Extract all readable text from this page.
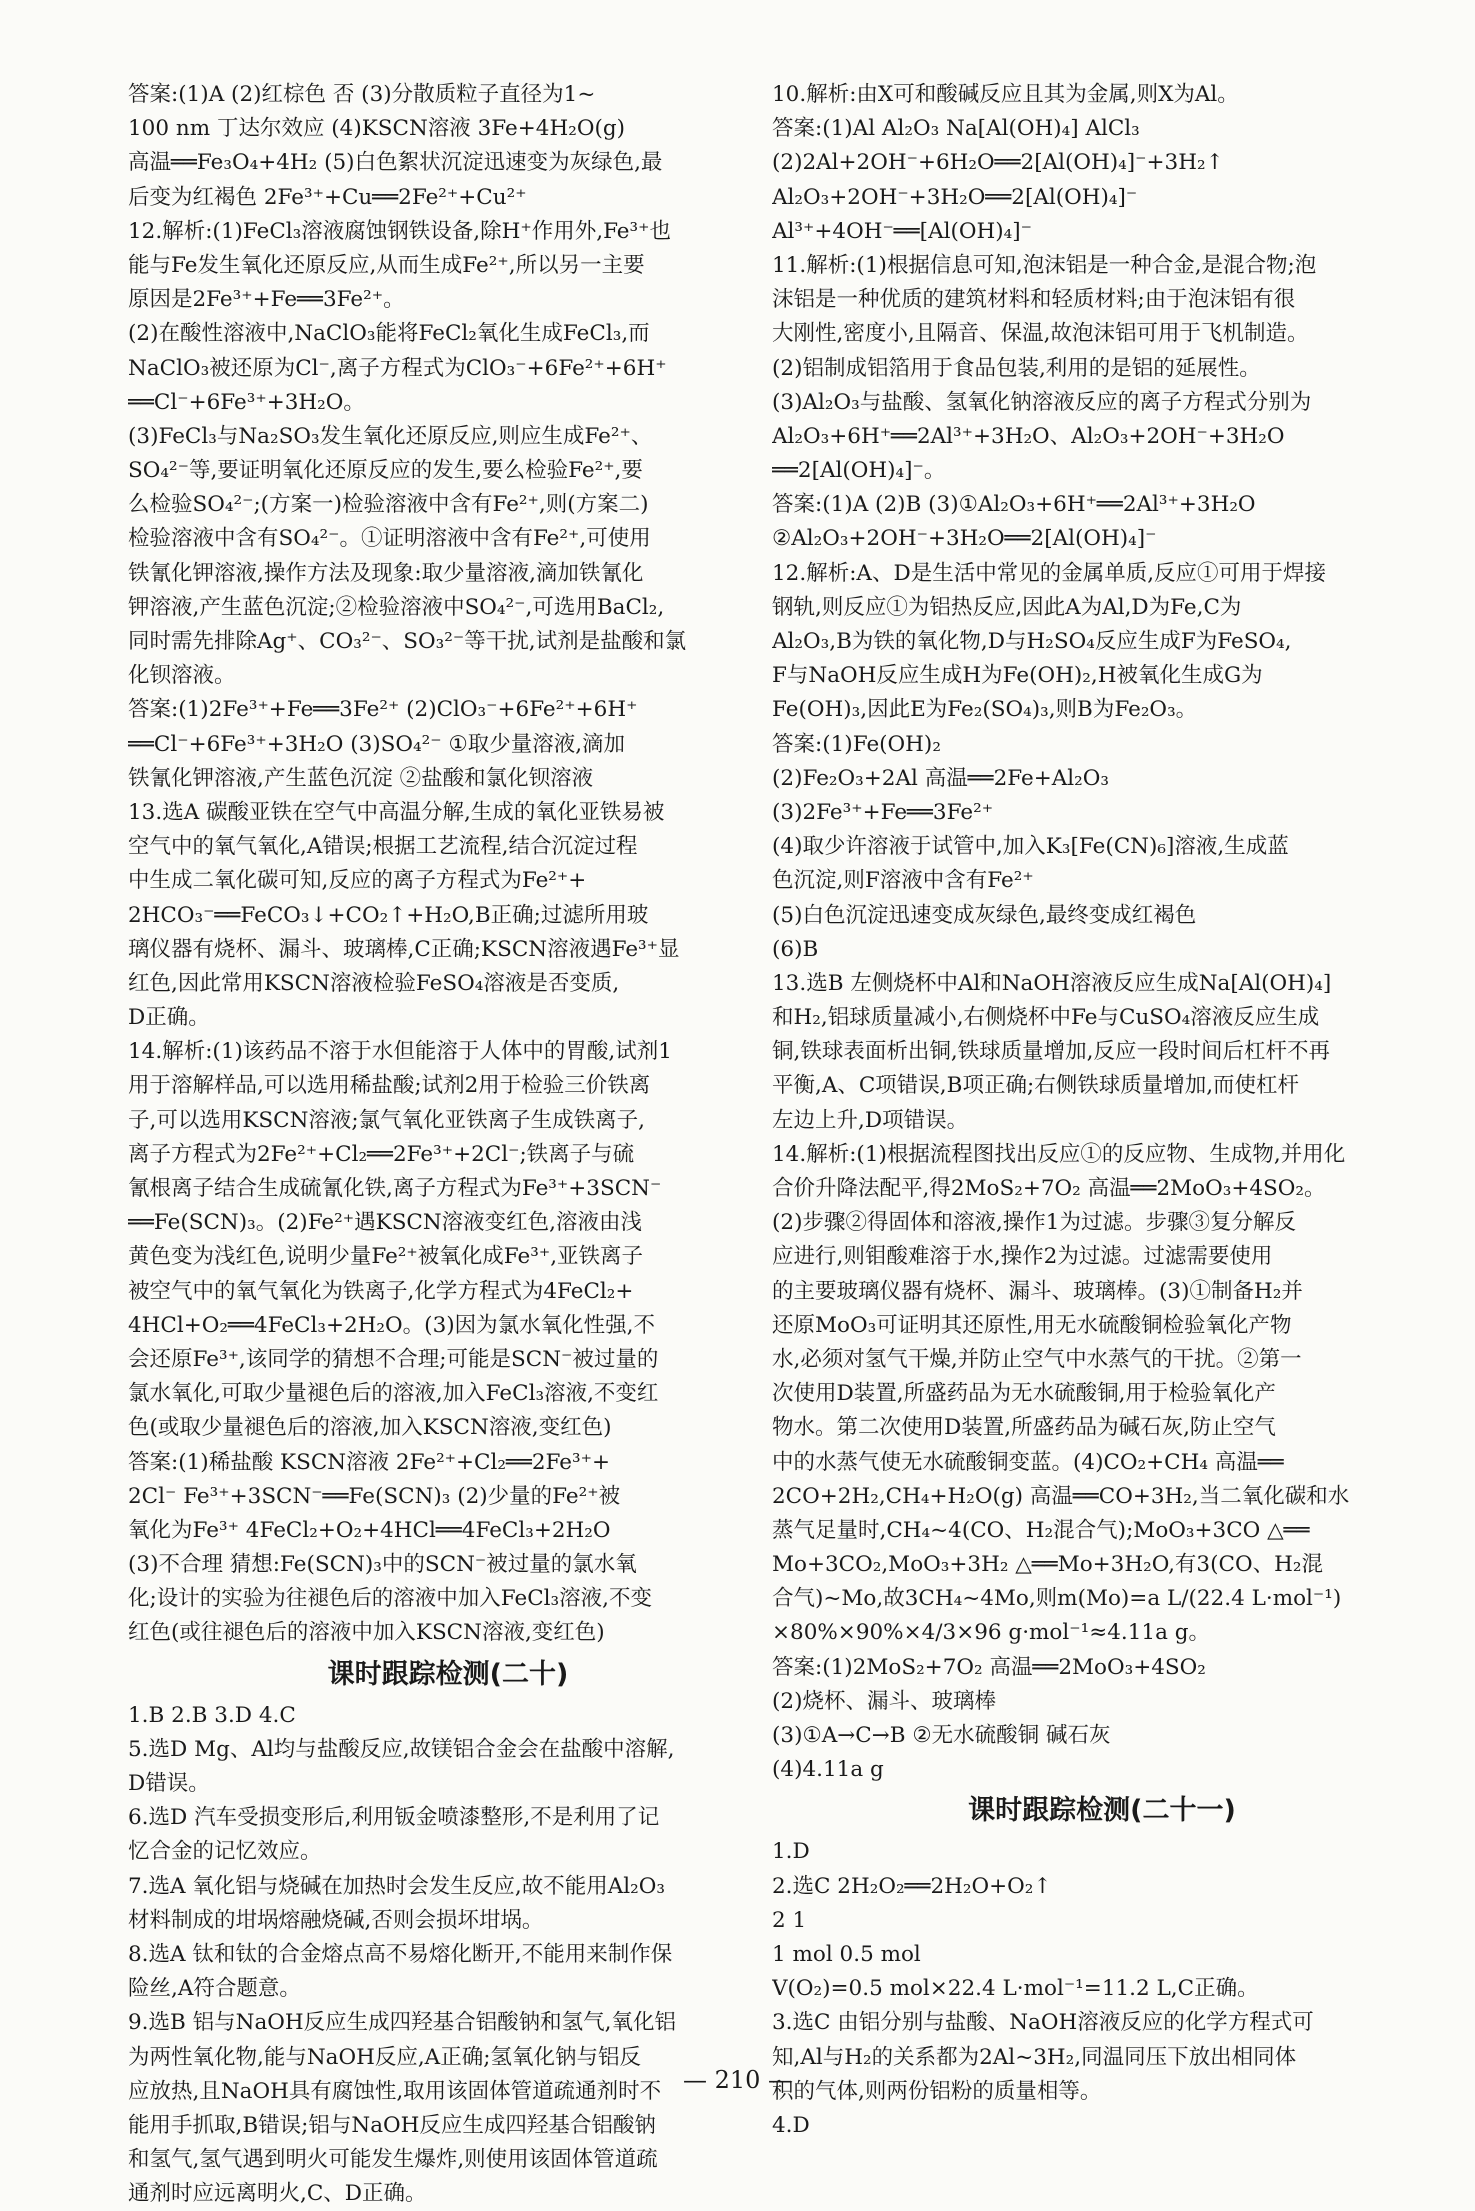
答案:(1)A (2)红棕色 否 (3)分散质粒子直径为1~
100 nm 丁达尔效应 (4)KSCN溶液 3Fe+4H₂O(g)
高温══Fe₃O₄+4H₂ (5)白色絮状沉淀迅速变为灰绿色,最
后变为红褐色 2Fe³⁺+Cu══2Fe²⁺+Cu²⁺
12.解析:(1)FeCl₃溶液腐蚀钢铁设备,除H⁺作用外,Fe³⁺也
能与Fe发生氧化还原反应,从而生成Fe²⁺,所以另一主要
原因是2Fe³⁺+Fe══3Fe²⁺。
(2)在酸性溶液中,NaClO₃能将FeCl₂氧化生成FeCl₃,而
NaClO₃被还原为Cl⁻,离子方程式为ClO₃⁻+6Fe²⁺+6H⁺
══Cl⁻+6Fe³⁺+3H₂O。
(3)FeCl₃与Na₂SO₃发生氧化还原反应,则应生成Fe²⁺、
SO₄²⁻等,要证明氧化还原反应的发生,要么检验Fe²⁺,要
么检验SO₄²⁻;(方案一)检验溶液中含有Fe²⁺,则(方案二)
检验溶液中含有SO₄²⁻。①证明溶液中含有Fe²⁺,可使用
铁氰化钾溶液,操作方法及现象:取少量溶液,滴加铁氰化
钾溶液,产生蓝色沉淀;②检验溶液中SO₄²⁻,可选用BaCl₂,
同时需先排除Ag⁺、CO₃²⁻、SO₃²⁻等干扰,试剂是盐酸和氯
化钡溶液。
答案:(1)2Fe³⁺+Fe══3Fe²⁺ (2)ClO₃⁻+6Fe²⁺+6H⁺
══Cl⁻+6Fe³⁺+3H₂O (3)SO₄²⁻ ①取少量溶液,滴加
铁氰化钾溶液,产生蓝色沉淀 ②盐酸和氯化钡溶液
13.选A 碳酸亚铁在空气中高温分解,生成的氧化亚铁易被
空气中的氧气氧化,A错误;根据工艺流程,结合沉淀过程
中生成二氧化碳可知,反应的离子方程式为Fe²⁺+
2HCO₃⁻══FeCO₃↓+CO₂↑+H₂O,B正确;过滤所用玻
璃仪器有烧杯、漏斗、玻璃棒,C正确;KSCN溶液遇Fe³⁺显
红色,因此常用KSCN溶液检验FeSO₄溶液是否变质,
D正确。
14.解析:(1)该药品不溶于水但能溶于人体中的胃酸,试剂1
用于溶解样品,可以选用稀盐酸;试剂2用于检验三价铁离
子,可以选用KSCN溶液;氯气氧化亚铁离子生成铁离子,
离子方程式为2Fe²⁺+Cl₂══2Fe³⁺+2Cl⁻;铁离子与硫
氰根离子结合生成硫氰化铁,离子方程式为Fe³⁺+3SCN⁻
══Fe(SCN)₃。(2)Fe²⁺遇KSCN溶液变红色,溶液由浅
黄色变为浅红色,说明少量Fe²⁺被氧化成Fe³⁺,亚铁离子
被空气中的氧气氧化为铁离子,化学方程式为4FeCl₂+
4HCl+O₂══4FeCl₃+2H₂O。(3)因为氯水氧化性强,不
会还原Fe³⁺,该同学的猜想不合理;可能是SCN⁻被过量的
氯水氧化,可取少量褪色后的溶液,加入FeCl₃溶液,不变红
色(或取少量褪色后的溶液,加入KSCN溶液,变红色)
答案:(1)稀盐酸 KSCN溶液 2Fe²⁺+Cl₂══2Fe³⁺+
2Cl⁻ Fe³⁺+3SCN⁻══Fe(SCN)₃ (2)少量的Fe²⁺被
氧化为Fe³⁺ 4FeCl₂+O₂+4HCl══4FeCl₃+2H₂O
(3)不合理 猜想:Fe(SCN)₃中的SCN⁻被过量的氯水氧
化;设计的实验为往褪色后的溶液中加入FeCl₃溶液,不变
红色(或往褪色后的溶液中加入KSCN溶液,变红色)
课时跟踪检测(二十)
1.B 2.B 3.D 4.C
5.选D Mg、Al均与盐酸反应,故镁铝合金会在盐酸中溶解,
D错误。
6.选D 汽车受损变形后,利用钣金喷漆整形,不是利用了记
忆合金的记忆效应。
7.选A 氧化铝与烧碱在加热时会发生反应,故不能用Al₂O₃
材料制成的坩埚熔融烧碱,否则会损坏坩埚。
8.选A 钛和钛的合金熔点高不易熔化断开,不能用来制作保
险丝,A符合题意。
9.选B 铝与NaOH反应生成四羟基合铝酸钠和氢气,氧化铝
为两性氧化物,能与NaOH反应,A正确;氢氧化钠与铝反
应放热,且NaOH具有腐蚀性,取用该固体管道疏通剂时不
能用手抓取,B错误;铝与NaOH反应生成四羟基合铝酸钠
和氢气,氢气遇到明火可能发生爆炸,则使用该固体管道疏
通剂时应远离明火,C、D正确。
10.解析:由X可和酸碱反应且其为金属,则X为Al。
答案:(1)Al Al₂O₃ Na[Al(OH)₄] AlCl₃
(2)2Al+2OH⁻+6H₂O══2[Al(OH)₄]⁻+3H₂↑
Al₂O₃+2OH⁻+3H₂O══2[Al(OH)₄]⁻
Al³⁺+4OH⁻══[Al(OH)₄]⁻
11.解析:(1)根据信息可知,泡沫铝是一种合金,是混合物;泡
沫铝是一种优质的建筑材料和轻质材料;由于泡沫铝有很
大刚性,密度小,且隔音、保温,故泡沫铝可用于飞机制造。
(2)铝制成铝箔用于食品包装,利用的是铝的延展性。
(3)Al₂O₃与盐酸、氢氧化钠溶液反应的离子方程式分别为
Al₂O₃+6H⁺══2Al³⁺+3H₂O、Al₂O₃+2OH⁻+3H₂O
══2[Al(OH)₄]⁻。
答案:(1)A (2)B (3)①Al₂O₃+6H⁺══2Al³⁺+3H₂O
②Al₂O₃+2OH⁻+3H₂O══2[Al(OH)₄]⁻
12.解析:A、D是生活中常见的金属单质,反应①可用于焊接
钢轨,则反应①为铝热反应,因此A为Al,D为Fe,C为
Al₂O₃,B为铁的氧化物,D与H₂SO₄反应生成F为FeSO₄,
F与NaOH反应生成H为Fe(OH)₂,H被氧化生成G为
Fe(OH)₃,因此E为Fe₂(SO₄)₃,则B为Fe₂O₃。
答案:(1)Fe(OH)₂
(2)Fe₂O₃+2Al 高温══2Fe+Al₂O₃
(3)2Fe³⁺+Fe══3Fe²⁺
(4)取少许溶液于试管中,加入K₃[Fe(CN)₆]溶液,生成蓝
色沉淀,则F溶液中含有Fe²⁺
(5)白色沉淀迅速变成灰绿色,最终变成红褐色
(6)B
13.选B 左侧烧杯中Al和NaOH溶液反应生成Na[Al(OH)₄]
和H₂,铝球质量减小,右侧烧杯中Fe与CuSO₄溶液反应生成
铜,铁球表面析出铜,铁球质量增加,反应一段时间后杠杆不再
平衡,A、C项错误,B项正确;右侧铁球质量增加,而使杠杆
左边上升,D项错误。
14.解析:(1)根据流程图找出反应①的反应物、生成物,并用化
合价升降法配平,得2MoS₂+7O₂ 高温══2MoO₃+4SO₂。
(2)步骤②得固体和溶液,操作1为过滤。步骤③复分解反
应进行,则钼酸难溶于水,操作2为过滤。过滤需要使用
的主要玻璃仪器有烧杯、漏斗、玻璃棒。(3)①制备H₂并
还原MoO₃可证明其还原性,用无水硫酸铜检验氧化产物
水,必须对氢气干燥,并防止空气中水蒸气的干扰。②第一
次使用D装置,所盛药品为无水硫酸铜,用于检验氧化产
物水。第二次使用D装置,所盛药品为碱石灰,防止空气
中的水蒸气使无水硫酸铜变蓝。(4)CO₂+CH₄ 高温══
2CO+2H₂,CH₄+H₂O(g) 高温══CO+3H₂,当二氧化碳和水
蒸气足量时,CH₄~4(CO、H₂混合气);MoO₃+3CO △══
Mo+3CO₂,MoO₃+3H₂ △══Mo+3H₂O,有3(CO、H₂混
合气)~Mo,故3CH₄~4Mo,则m(Mo)=a L/(22.4 L·mol⁻¹)
×80%×90%×4/3×96 g·mol⁻¹≈4.11a g。
答案:(1)2MoS₂+7O₂ 高温══2MoO₃+4SO₂
(2)烧杯、漏斗、玻璃棒
(3)①A→C→B ②无水硫酸铜 碱石灰
(4)4.11a g
课时跟踪检测(二十一)
1.D
2.选C 2H₂O₂══2H₂O+O₂↑
2 1
1 mol 0.5 mol
V(O₂)=0.5 mol×22.4 L·mol⁻¹=11.2 L,C正确。
3.选C 由铝分别与盐酸、NaOH溶液反应的化学方程式可
知,Al与H₂的关系都为2Al~3H₂,同温同压下放出相同体
积的气体,则两份铝粉的质量相等。
4.D
— 210 —
